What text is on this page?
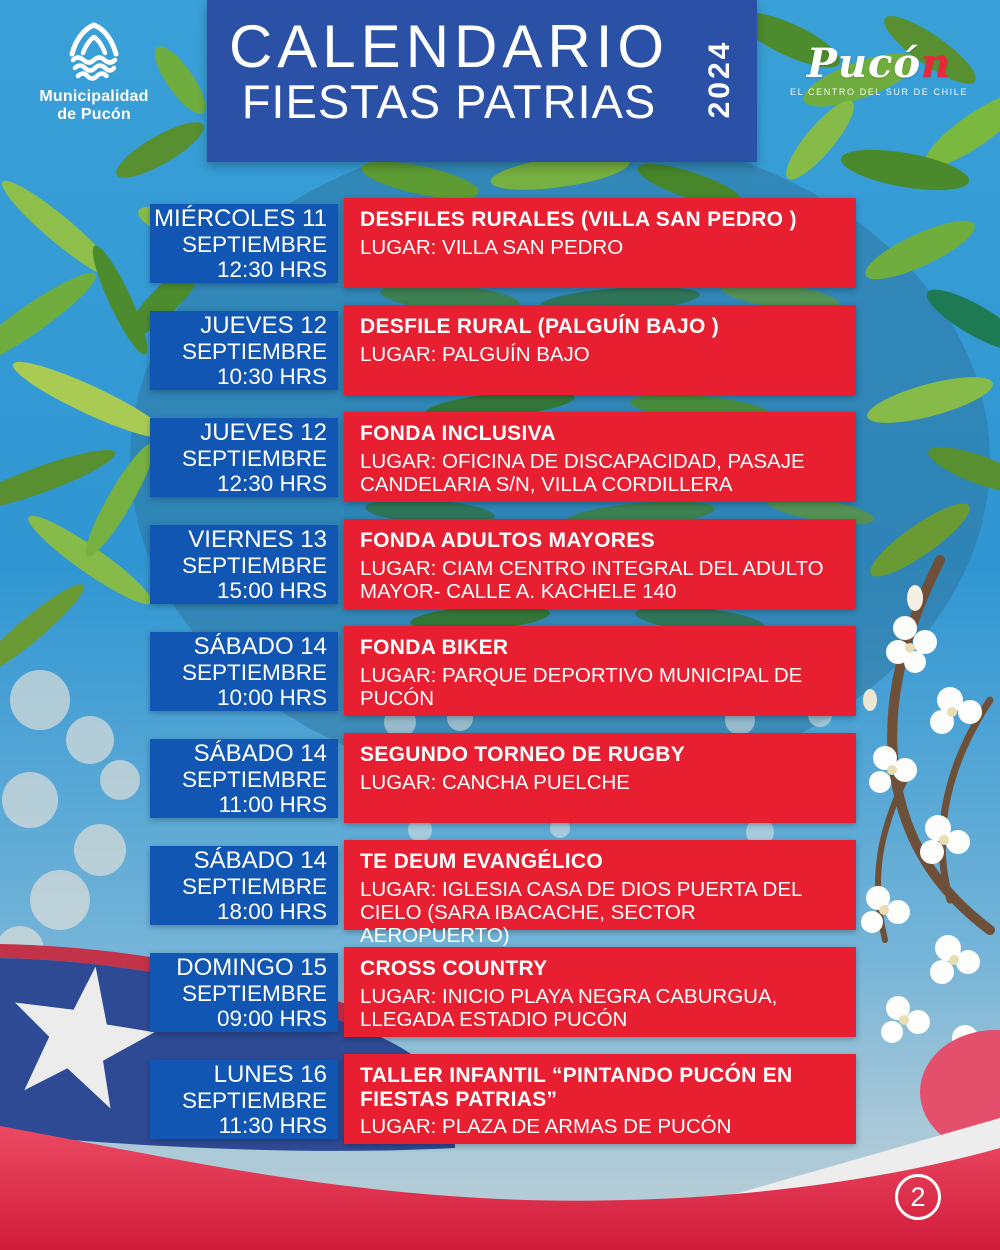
Municipalidad
de Pucón
CALENDARIO
FIESTAS PATRIAS	2024	Pucón
EL CENTRO DEL SUR DE CHILE
MIÉRCOLES 11
SEPTIEMBRE
12:30 HRS
DESFILES RURALES (VILLA SAN PEDRO )
LUGAR: VILLA SAN PEDRO
JUEVES 12
SEPTIEMBRE
10:30 HRS
DESFILE RURAL (PALGUÍN BAJO )
LUGAR: PALGUÍN BAJO
JUEVES 12
SEPTIEMBRE
12:30 HRS
FONDA INCLUSIVA
LUGAR: OFICINA DE DISCAPACIDAD, PASAJE CANDELARIA S/N, VILLA CORDILLERA
VIERNES 13
SEPTIEMBRE
15:00 HRS
FONDA ADULTOS MAYORES
LUGAR: CIAM CENTRO INTEGRAL DEL ADULTO MAYOR- CALLE A. KACHELE 140
SÁBADO 14
SEPTIEMBRE
10:00 HRS
FONDA BIKER
LUGAR: PARQUE DEPORTIVO MUNICIPAL DE PUCÓN
SÁBADO 14
SEPTIEMBRE
11:00 HRS
SEGUNDO TORNEO DE RUGBY
LUGAR: CANCHA PUELCHE
SÁBADO 14
SEPTIEMBRE
18:00 HRS
TE DEUM EVANGÉLICO
LUGAR: IGLESIA CASA DE DIOS PUERTA DEL CIELO (SARA IBACACHE, SECTOR AEROPUERTO)
DOMINGO 15
SEPTIEMBRE
09:00 HRS
CROSS COUNTRY
LUGAR: INICIO PLAYA NEGRA CABURGUA, LLEGADA ESTADIO PUCÓN
LUNES 16
SEPTIEMBRE
11:30 HRS
TALLER INFANTIL “PINTANDO PUCÓN EN FIESTAS PATRIAS”
LUGAR: PLAZA DE ARMAS DE PUCÓN
2
